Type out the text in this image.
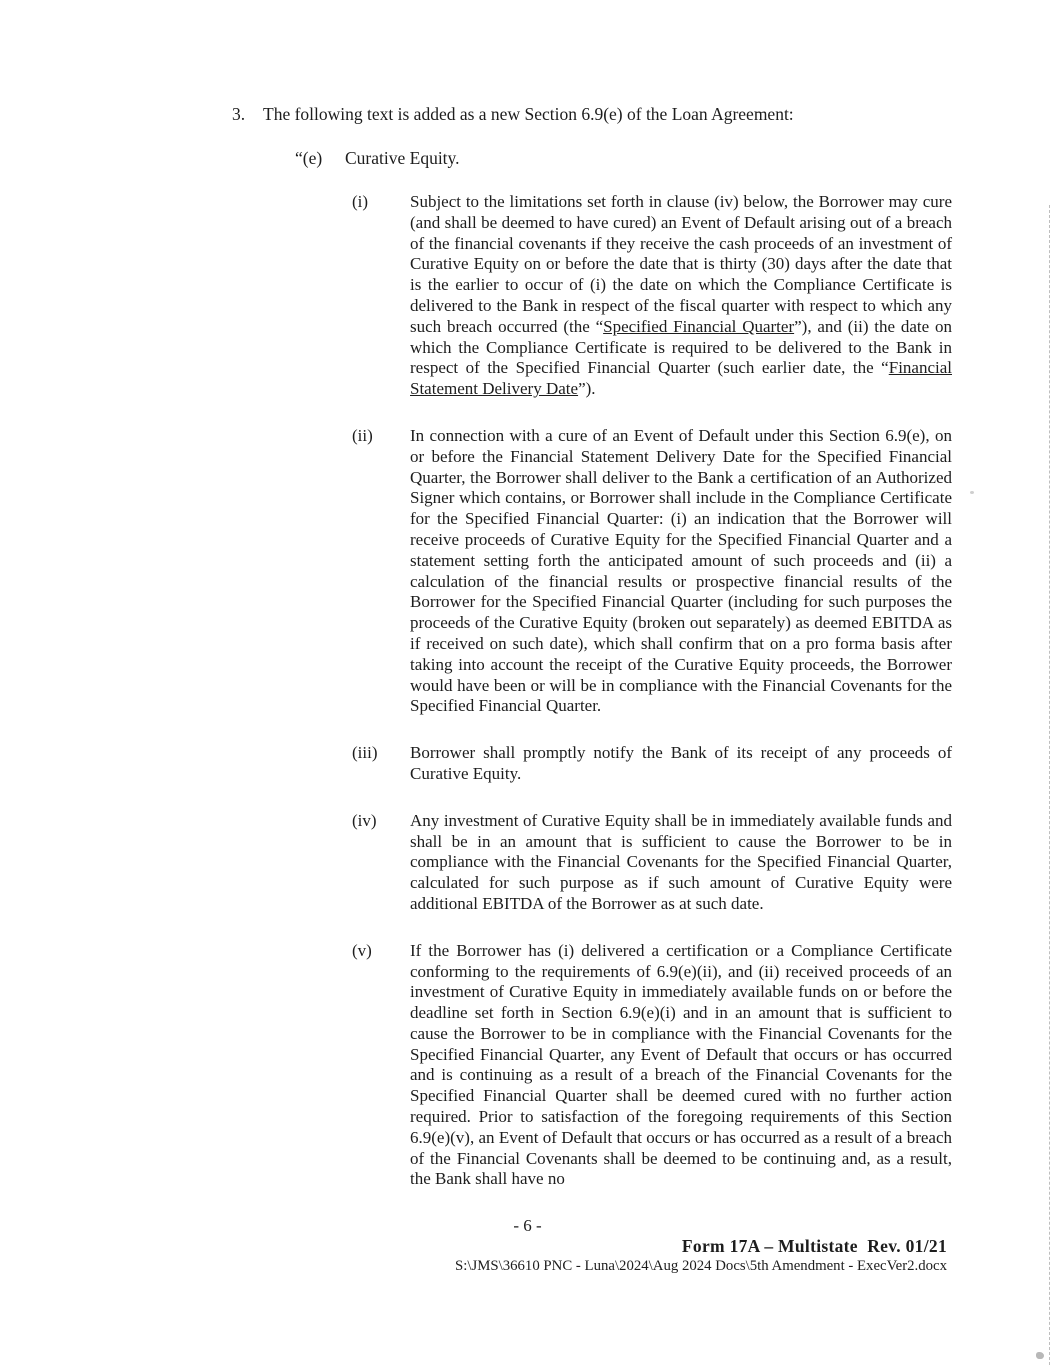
3. The following text is added as a new Section 6.9(e) of the Loan Agreement:
“(e) Curative Equity.
(i)	Subject to the limitations set forth in clause (iv) below, the Borrower may cure (and shall be deemed to have cured) an Event of Default arising out of a breach of the financial covenants if they receive the cash proceeds of an investment of Curative Equity on or before the date that is thirty (30) days after the date that is the earlier to occur of (i) the date on which the Compliance Certificate is delivered to the Bank in respect of the fiscal quarter with respect to which any such breach occurred (the “Specified Financial Quarter”), and (ii) the date on which the Compliance Certificate is required to be delivered to the Bank in respect of the Specified Financial Quarter (such earlier date, the “Financial Statement Delivery Date”).

(ii)	In connection with a cure of an Event of Default under this Section 6.9(e), on or before the Financial Statement Delivery Date for the Specified Financial Quarter, the Borrower shall deliver to the Bank a certification of an Authorized Signer which contains, or Borrower shall include in the Compliance Certificate for the Specified Financial Quarter: (i) an indication that the Borrower will receive proceeds of Curative Equity for the Specified Financial Quarter and a statement setting forth the anticipated amount of such proceeds and (ii) a calculation of the financial results or prospective financial results of the Borrower for the Specified Financial Quarter (including for such purposes the proceeds of the Curative Equity (broken out separately) as deemed EBITDA as if received on such date), which shall confirm that on a pro forma basis after taking into account the receipt of the Curative Equity proceeds, the Borrower would have been or will be in compliance with the Financial Covenants for the Specified Financial Quarter.

(iii)	Borrower shall promptly notify the Bank of its receipt of any proceeds of Curative Equity.

(iv)	Any investment of Curative Equity shall be in immediately available funds and shall be in an amount that is sufficient to cause the Borrower to be in compliance with the Financial Covenants for the Specified Financial Quarter, calculated for such purpose as if such amount of Curative Equity were additional EBITDA of the Borrower as at such date.

(v)	If the Borrower has (i) delivered a certification or a Compliance Certificate conforming to the requirements of 6.9(e)(ii), and (ii) received proceeds of an investment of Curative Equity in immediately available funds on or before the deadline set forth in Section 6.9(e)(i) and in an amount that is sufficient to cause the Borrower to be in compliance with the Financial Covenants for the Specified Financial Quarter, any Event of Default that occurs or has occurred and is continuing as a result of a breach of the Financial Covenants for the Specified Financial Quarter shall be deemed cured with no further action required. Prior to satisfaction of the foregoing requirements of this Section 6.9(e)(v), an Event of Default that occurs or has occurred as a result of a breach of the Financial Covenants shall be deemed to be continuing and, as a result, the Bank shall have no

- 6 -
Form 17A – Multistate  Rev. 01/21
S:\JMS\36610 PNC - Luna\2024\Aug 2024 Docs\5th Amendment - ExecVer2.docx
